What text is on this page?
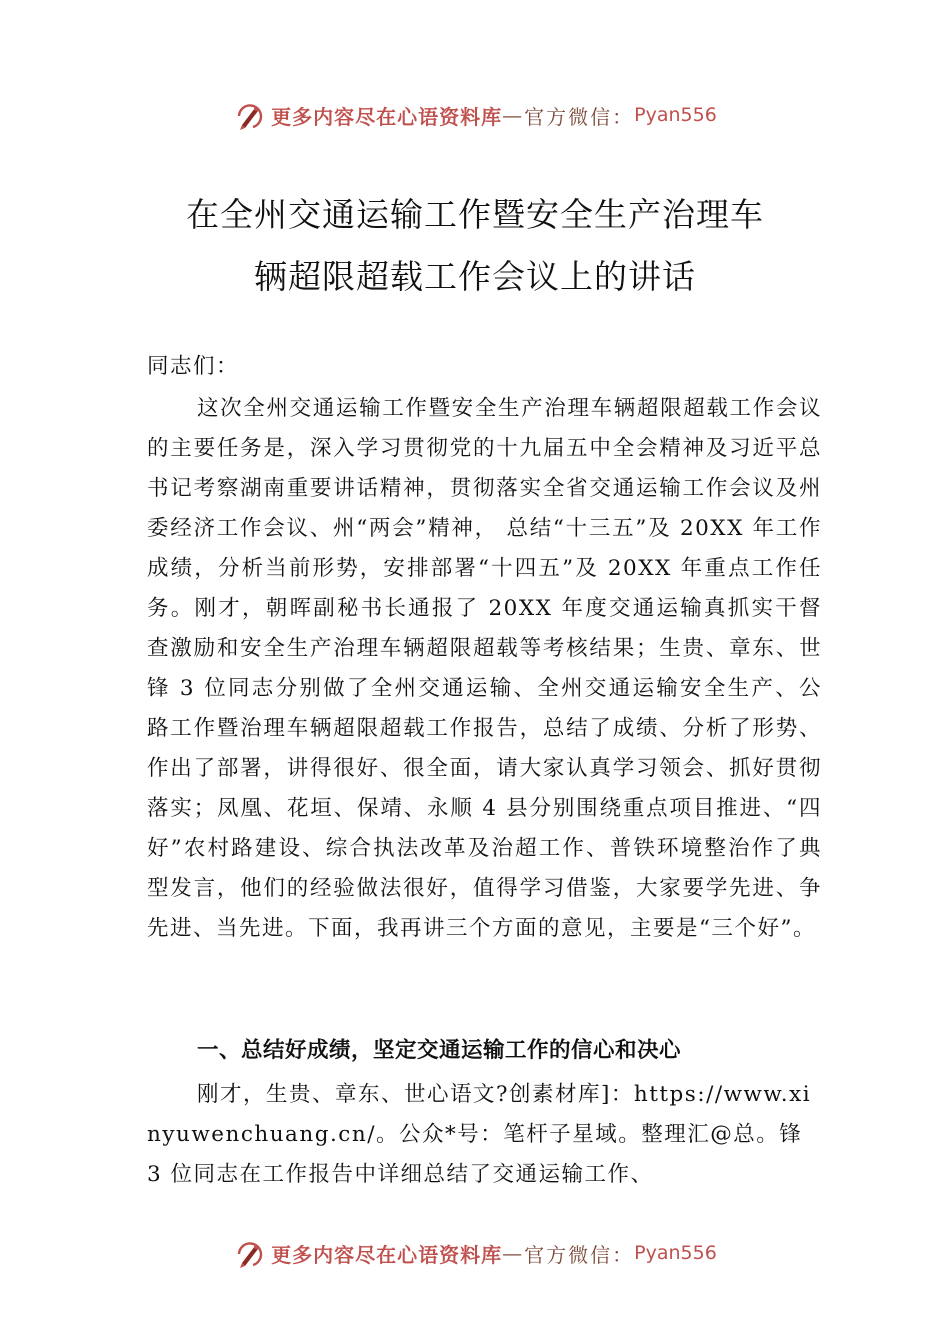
更多内容尽在心语资料库 — 官方微信： Pyan556
在全州交通运输工作暨安全生产治理车
辆超限超载工作会议上的讲话
同志们：
这次全州交通运输工作暨安全生产治理车辆超限超载工作会议的主要任务是，深入学习贯彻党的十九届五中全会精神及习近平总书记考察湖南重要讲话精神，贯彻落实全省交通运输工作会议及州委经济工作会议、州“两会”精神， 总结“十三五”及 20XX 年工作成绩，分析当前形势，安排部署“十四五”及 20XX 年重点工作任务。刚才，朝晖副秘书长通报了 20XX 年度交通运输真抓实干督查激励和安全生产治理车辆超限超载等考核结果；生贵、章东、世锋 3 位同志分别做了全州交通运输、全州交通运输安全生产、公路工作暨治理车辆超限超载工作报告，总结了成绩、分析了形势、作出了部署，讲得很好、很全面，请大家认真学习领会、抓好贯彻落实；凤凰、花垣、保靖、永顺 4 县分别围绕重点项目推进、“四好”农村路建设、综合执法改革及治超工作、普铁环境整治作了典型发言，他们的经验做法很好，值得学习借鉴，大家要学先进、争先进、当先进。下面，我再讲三个方面的意见，主要是“三个好”。
一、总结好成绩，坚定交通运输工作的信心和决心
刚才，生贵、章东、世心语文?创素材库]：https://www.xinyuwenchuang.cn/。公众*号：笔杆子星域。整理汇@总。锋 3 位同志在工作报告中详细总结了交通运输工作、
更多内容尽在心语资料库 — 官方微信： Pyan556
